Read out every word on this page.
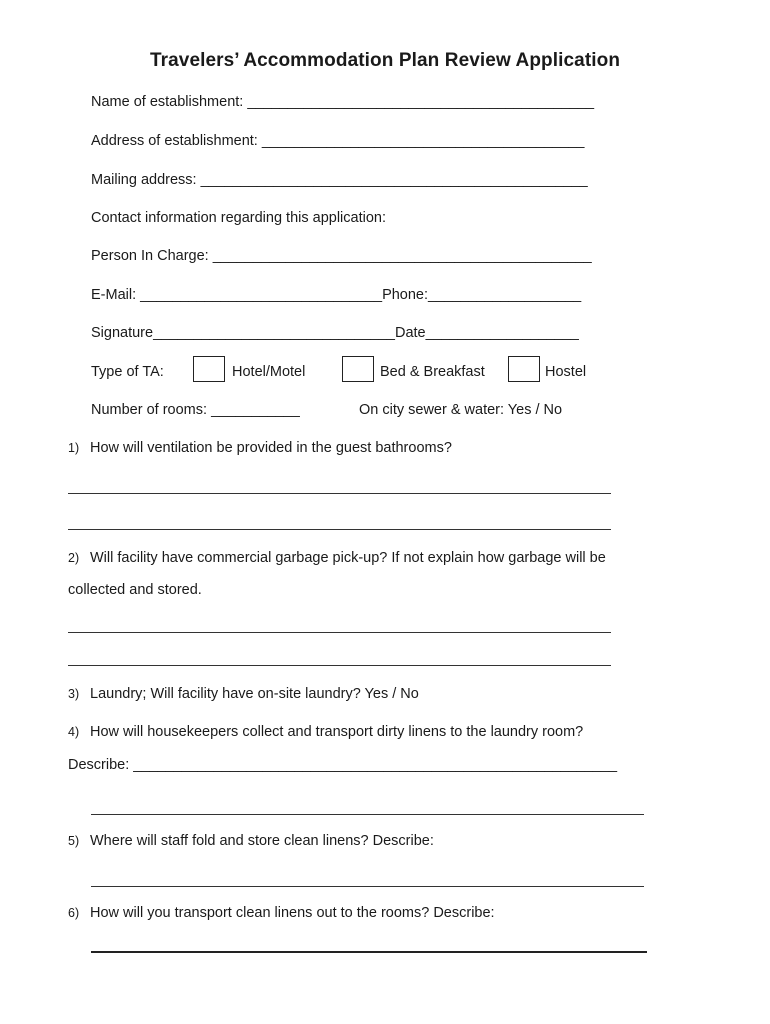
Travelers’ Accommodation Plan Review Application
Name of establishment: ___________________________________________
Address of establishment: ________________________________________
Mailing address: ________________________________________________
Contact information regarding this application:
Person In Charge: _______________________________________________
E-Mail: ______________________________Phone:___________________
Signature______________________________Date___________________
Type of TA:	Hotel/Motel	Bed & Breakfast	Hostel
Number of rooms: ___________	On city sewer & water: Yes / No
1) How will ventilation be provided in the guest bathrooms?
2) Will facility have commercial garbage pick-up? If not explain how garbage will be
collected and stored.
3) Laundry; Will facility have on-site laundry? Yes / No
4) How will housekeepers collect and transport dirty linens to the laundry room?
Describe: ____________________________________________________________
5) Where will staff fold and store clean linens? Describe:
6) How will you transport clean linens out to the rooms? Describe:
